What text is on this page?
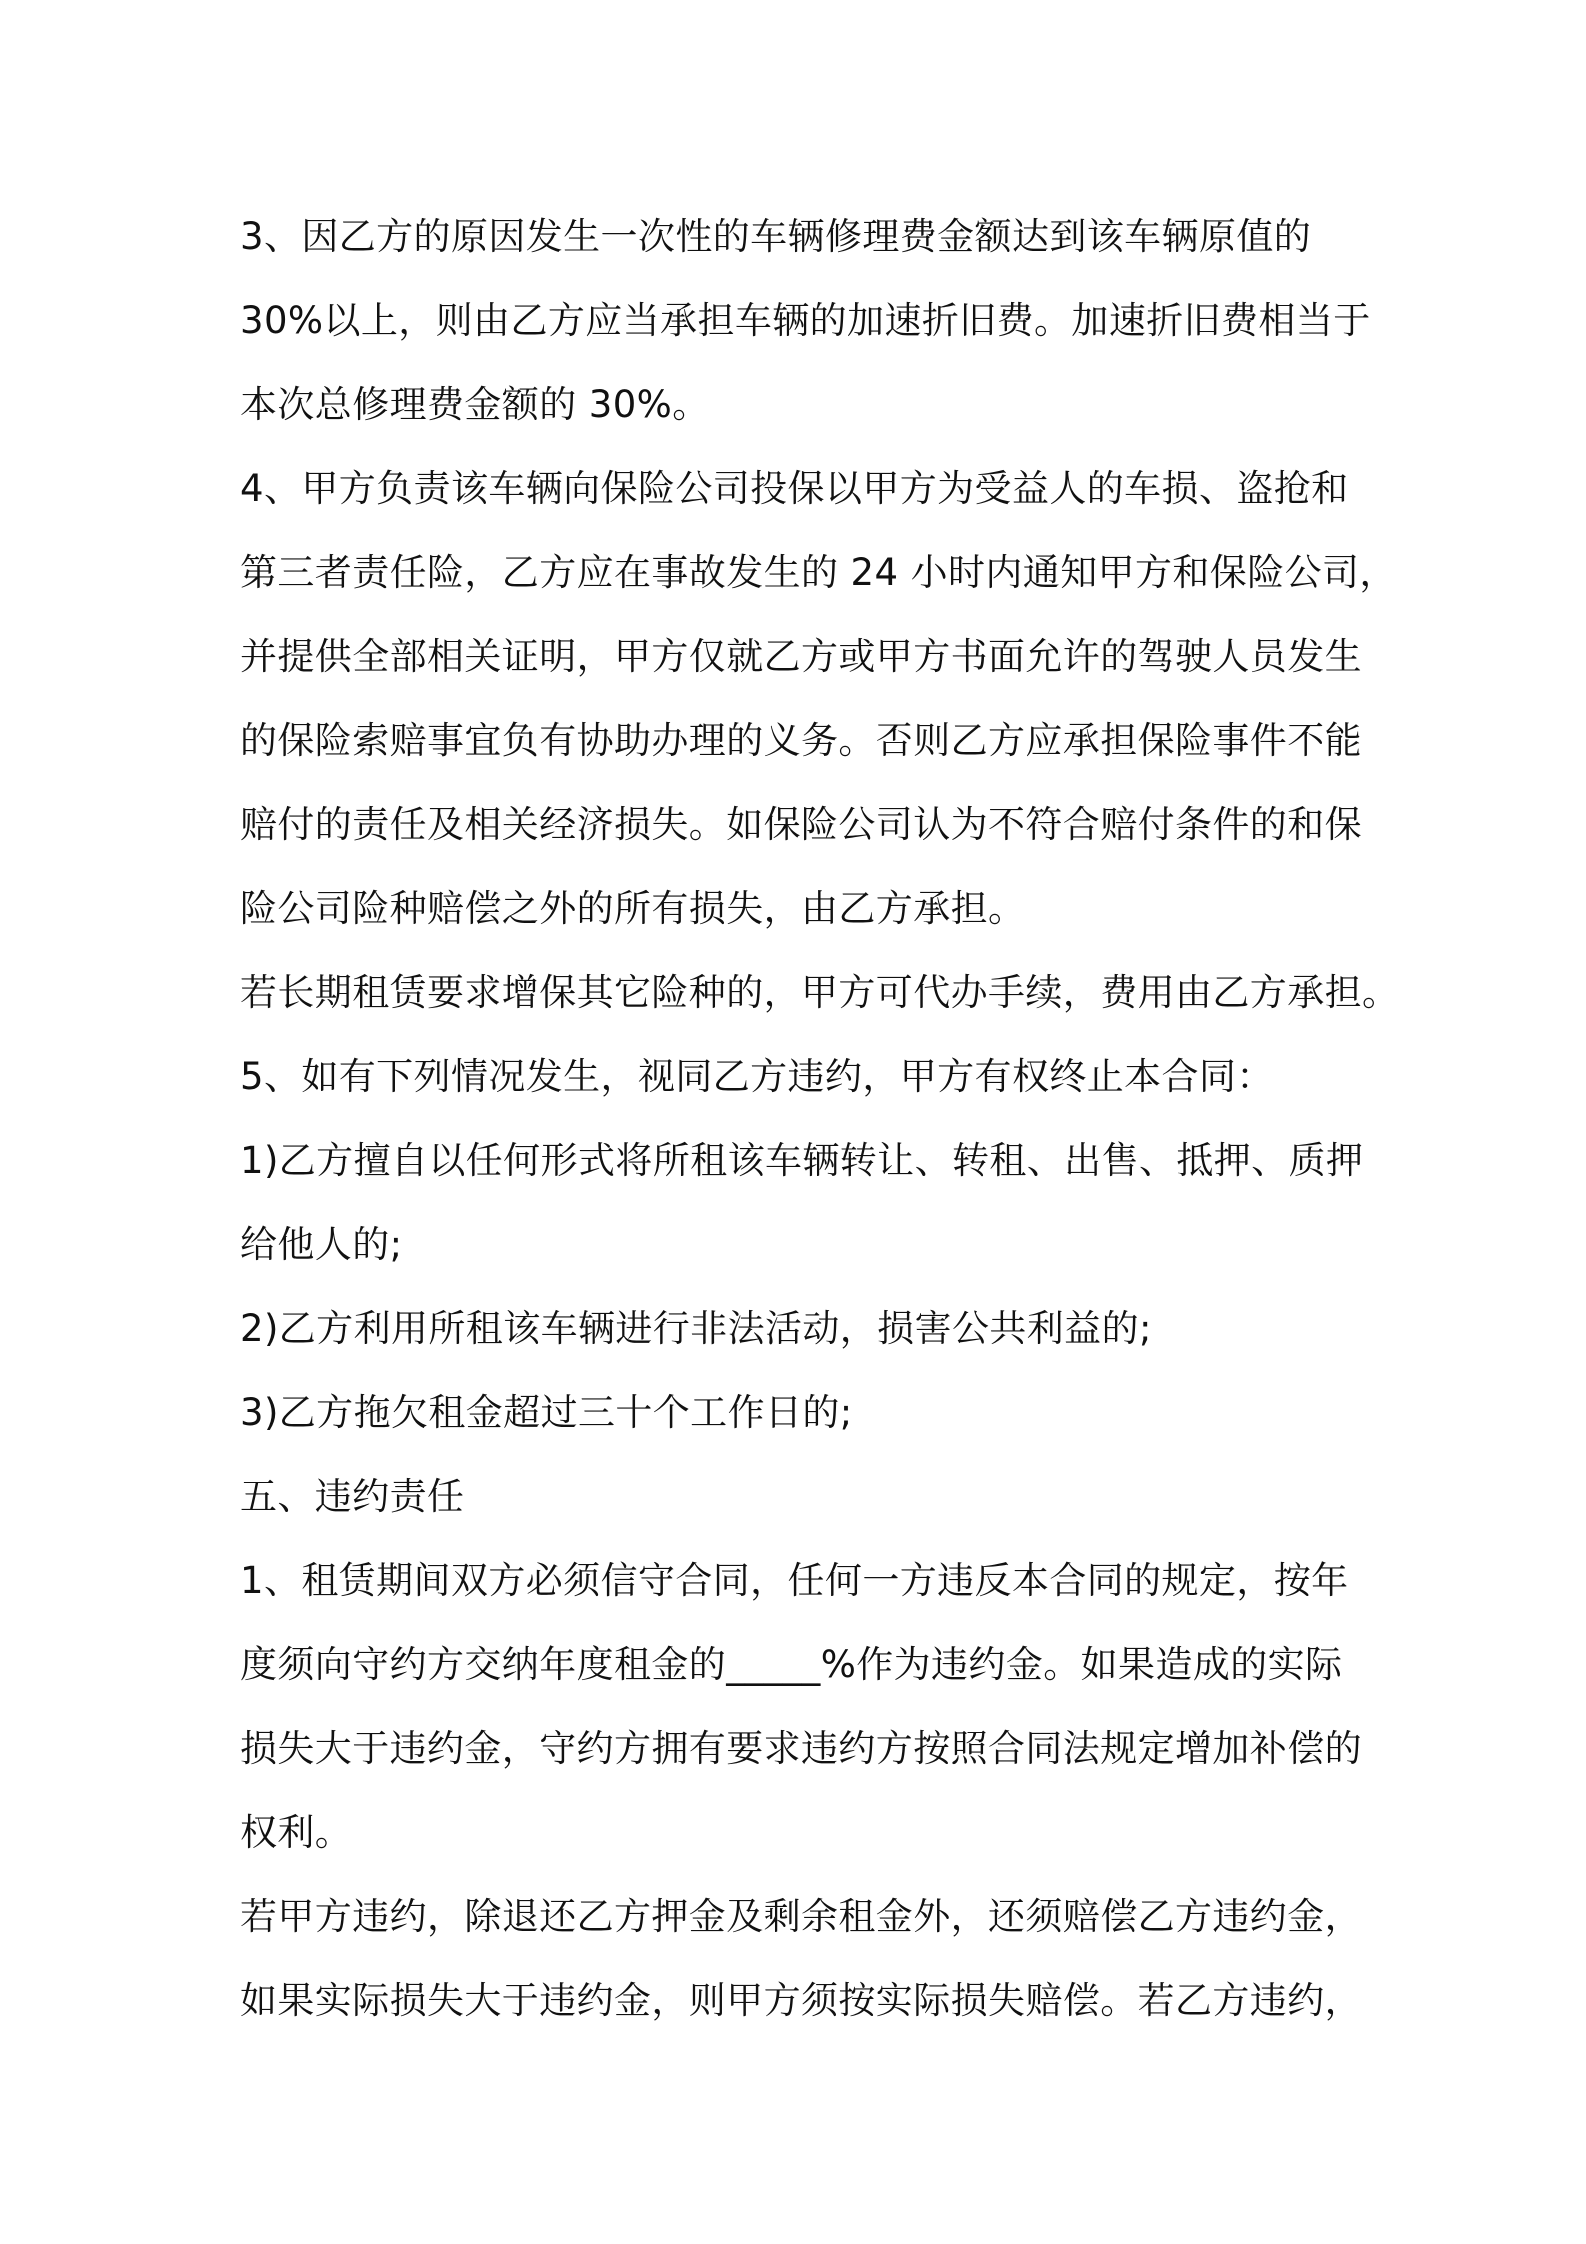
3、因乙方的原因发生一次性的车辆修理费金额达到该车辆原值的
30%以上，则由乙方应当承担车辆的加速折旧费。加速折旧费相当于
本次总修理费金额的 30%。
4、甲方负责该车辆向保险公司投保以甲方为受益人的车损、盗抢和
第三者责任险，乙方应在事故发生的 24 小时内通知甲方和保险公司，
并提供全部相关证明，甲方仅就乙方或甲方书面允许的驾驶人员发生
的保险索赔事宜负有协助办理的义务。否则乙方应承担保险事件不能
赔付的责任及相关经济损失。如保险公司认为不符合赔付条件的和保
险公司险种赔偿之外的所有损失，由乙方承担。
若长期租赁要求增保其它险种的，甲方可代办手续，费用由乙方承担。
5、如有下列情况发生，视同乙方违约，甲方有权终止本合同：
1)乙方擅自以任何形式将所租该车辆转让、转租、出售、抵押、质押
给他人的;
2)乙方利用所租该车辆进行非法活动，损害公共利益的;
3)乙方拖欠租金超过三十个工作日的;
五、违约责任
1、租赁期间双方必须信守合同，任何一方违反本合同的规定，按年
度须向守约方交纳年度租金的_____%作为违约金。如果造成的实际
损失大于违约金，守约方拥有要求违约方按照合同法规定增加补偿的
权利。
若甲方违约，除退还乙方押金及剩余租金外，还须赔偿乙方违约金，
如果实际损失大于违约金，则甲方须按实际损失赔偿。若乙方违约，
